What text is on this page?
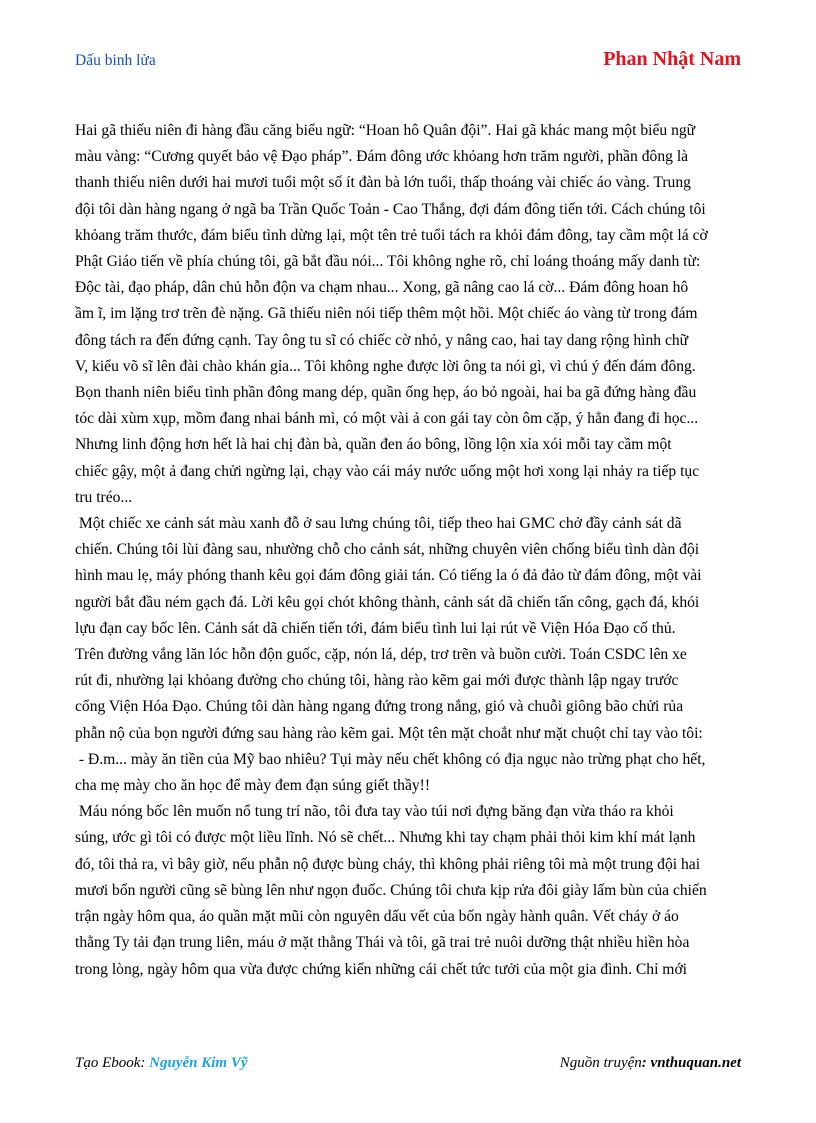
Dấu binh lửa	Phan Nhật Nam
Hai gã thiếu niên đi hàng đầu căng biểu ngữ: “Hoan hô Quân đội”. Hai gã khác mang một biểu ngữ
màu vàng: “Cương quyết bảo vệ Đạo pháp”. Đám đông ước khỏang hơn trăm người, phần đông là
thanh thiếu niên dưới hai mươi tuổi một số ít đàn bà lớn tuổi, thấp thoáng vài chiếc áo vàng. Trung
đội tôi dàn hàng ngang ở ngã ba Trần Quốc Toản - Cao Thắng, đợi đám đông tiến tới. Cách chúng tôi
khỏang trăm thước, đám biểu tình dừng lại, một tên trẻ tuổi tách ra khỏi đám đông, tay cầm một lá cờ
Phật Giáo tiến về phía chúng tôi, gã bắt đầu nói... Tôi không nghe rõ, chỉ loáng thoáng mấy danh từ:
Độc tài, đạo pháp, dân chủ hỗn độn va chạm nhau... Xong, gã nâng cao lá cờ... Đám đông hoan hô
ầm ĩ, im lặng trơ trẽn đè nặng. Gã thiếu niên nói tiếp thêm một hồi. Một chiếc áo vàng từ trong đám
đông tách ra đến đứng cạnh. Tay ông tu sĩ có chiếc cờ nhỏ, y nâng cao, hai tay dang rộng hình chữ
V, kiểu võ sĩ lên đài chào khán gỉa... Tôi không nghe được lời ông ta nói gì, vì chú ý đến đám đông.
Bọn thanh niên biểu tình phần đông mang dép, quần ống hẹp, áo bỏ ngoài, hai ba gã đứng hàng đầu
tóc dài xùm xụp, mồm đang nhai bánh mì, có một vài ả con gái tay còn ôm cặp, ý hẳn đang đi học...
Nhưng linh động hơn hết là hai chị đàn bà, quần đen áo bông, lồng lộn xỉa xói mỗi tay cầm một
chiếc gậy, một ả đang chửi ngừng lại, chạy vào cái máy nước uống một hơi xong lại nhảy ra tiếp tục
tru tréo...
Một chiếc xe cảnh sát màu xanh đỗ ở sau lưng chúng tôi, tiếp theo hai GMC chở đầy cảnh sát dã
chiến. Chúng tôi lùi đàng sau, nhường chỗ cho cảnh sát, những chuyên viên chống biểu tình dàn đội
hình mau lẹ, máy phóng thanh kêu gọi đám đông giải tán. Có tiếng la ó đả đảo từ đám đông, một vài
người bắt đầu ném gạch đá. Lời kêu gọi chót không thành, cảnh sát dã chiến tấn công, gạch đá, khói
lựu đạn cay bốc lên. Cảnh sát dã chiến tiến tới, đám biểu tình lui lại rút về Viện Hóa Đạo cố thủ.
Trên đường vắng lăn lóc hỗn độn guốc, cặp, nón lá, dép, trơ trẽn và buồn cười. Toán CSDC lên xe
rút đi, nhường lại khỏang đường cho chúng tôi, hàng rào kẽm gai mới được thành lập ngay trước
cổng Viện Hóa Đạo. Chúng tôi dàn hàng ngang đứng trong nắng, gió và chuỗi giông bão chửi rủa
phẫn nộ của bọn người đứng sau hàng rào kẽm gai. Một tên mặt choắt như mặt chuột chỉ tay vào tôi:
- Đ.m... mày ăn tiền của Mỹ bao nhiêu? Tụi mày nếu chết không có địa ngục nào trừng phạt cho hết,
cha mẹ mày cho ăn học để mày đem đạn súng giết thầy!!
Máu nóng bốc lên muốn nổ tung trí não, tôi đưa tay vào túi nơi đựng băng đạn vừa tháo ra khỏi
súng, ước gì tôi có được một liều lĩnh. Nó sẽ chết... Nhưng khi tay chạm phải thỏi kim khí mát lạnh
đó, tôi thả ra, vì bây giờ, nếu phẫn nộ được bùng cháy, thì không phải riêng tôi mà một trung đội hai
mươi bốn người cũng sẽ bùng lên như ngọn đuốc. Chúng tôi chưa kịp rửa đôi giày lấm bùn của chiến
trận ngày hôm qua, áo quần mặt mũi còn nguyên dấu vết của bốn ngày hành quân. Vết cháy ở áo
thằng Ty tải đạn trung liên, máu ở mặt thằng Thái và tôi, gã trai trẻ nuôi dưỡng thật nhiều hiền hòa
trong lòng, ngày hôm qua vừa được chứng kiến những cái chết tức tưởi của một gia đình. Chỉ mới
Tạo Ebook: Nguyễn Kim Vỹ	Nguồn truyện: vnthuquan.net
